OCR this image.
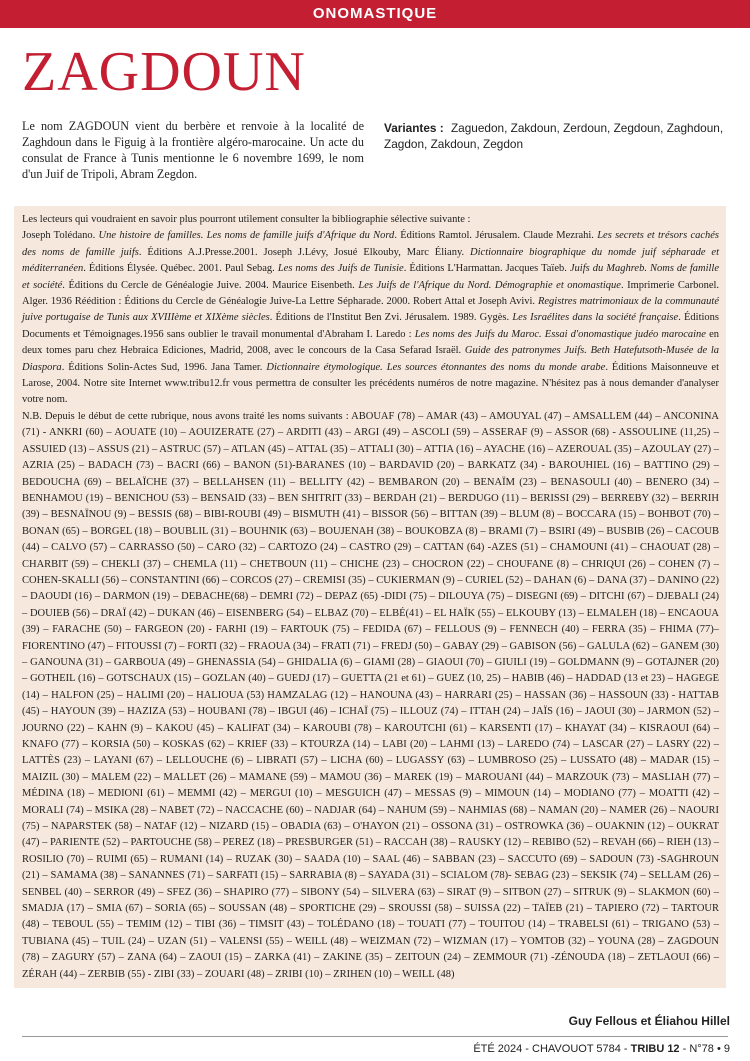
ONOMASTIQUE
ZAGDOUN
Le nom ZAGDOUN vient du berbère et renvoie à la localité de Zaghdoun dans le Figuig à la frontière algéro-marocaine. Un acte du consulat de France à Tunis mentionne le 6 novembre 1699, le nom d'un Juif de Tripoli, Abram Zegdon.
Variantes : Zaguedon, Zakdoun, Zerdoun, Zegdoun, Zaghdoun, Zagdon, Zakdoun, Zegdon

Les lecteurs qui voudraient en savoir plus pourront utilement consulter la bibliographie sélective suivante :

Joseph Tolédano. Une histoire de familles. Les noms de famille juifs d'Afrique du Nord. Éditions Ramtol. Jérusalem. Claude Mezrahi. Les secrets et trésors cachés des noms de famille juifs. Éditions A.J.Presse.2001. Joseph J.Lévy, Josué Elkouby, Marc Éliany. Dictionnaire biographique du nomde juif sépharade et méditerranéen. Éditions Élysée. Québec. 2001. Paul Sebag. Les noms des Juifs de Tunisie. Éditions L'Harmattan. Jacques Taïeb. Juifs du Maghreb. Noms de famille et société. Éditions du Cercle de Généalogie Juive. 2004. Maurice Eisenbeth. Les Juifs de l'Afrique du Nord. Démographie et onomastique. Imprimerie Carbonel. Alger. 1936 Réédition : Éditions du Cercle de Généalogie Juive-La Lettre Sépharade. 2000. Robert Attal et Joseph Avivi. Registres matrimoniaux de la communauté juive portugaise de Tunis aux XVIIIème et XIXème siècles. Éditions de l'Institut Ben Zvi. Jérusalem. 1989. Gygès. Les Israélites dans la société française. Éditions Documents et Témoignages.1956 sans oublier le travail monumental d'Abraham I. Laredo : Les noms des Juifs du Maroc. Essai d'onomastique judéo marocaine en deux tomes paru chez Hebraica Ediciones, Madrid, 2008, avec le concours de la Casa Sefarad Israël. Guide des patronymes Juifs. Beth Hatefutsoth-Musée de la Diaspora. Éditions Solin-Actes Sud, 1996. Jana Tamer. Dictionnaire étymologique. Les sources étonnantes des noms du monde arabe. Éditions Maisonneuve et Larose, 2004. Notre site Internet www.tribu12.fr vous permettra de consulter les précédents numéros de notre magazine. N'hésitez pas à nous demander d'analyser votre nom.

N.B. Depuis le début de cette rubrique, nous avons traité les noms suivants : ABOUAF (78) – AMAR (43) – AMOUYAL (47) – AMSALLEM (44) – ANCONINA (71) - ANKRI (60) – AOUATE (10) – AOUIZERATE (27) – ARDITI (43) – ARGI (49) – ASCOLI (59) – ASSERAF (9) – ASSOR (68) - ASSOULINE (11,25) – ASSUIED (13) – ASSUS (21) – ASTRUC (57) – ATLAN (45) – ATTAL (35) – ATTALI (30) – ATTIA (16) – AYACHE (16) – AZEROUAL (35) – AZOULAY (27) – AZRIA (25) – BADACH (73) – BACRI (66) – BANON (51)-BARANES (10) – BARDAVID (20) – BARKATZ (34) - BAROUHIEL (16) – BATTINO (29) – BEDOUCHA (69) – BELAÏCHE (37) – BELLAHSEN (11) – BELLITY (42) – BEMBARON (20) – BENAÏM (23) – BENASOULI (40) – BENERO (34) – BENHAMOU (19) – BENICHOU (53) – BENSAID (33) – BEN SHITRIT (33) – BERDAH (21) – BERDUGO (11) – BERISSI (29) – BERREBY (32) – BERRIH (39) – BESNAÏNOU (9) – BESSIS (68) – BIBI-ROUBI (49) – BISMUTH (41) – BISSOR (56) – BITTAN (39) – BLUM (8) – BOCCARA (15) – BOHBOT (70) – BONAN (65) – BORGEL (18) – BOUBLIL (31) – BOUHNIK (63) – BOUJENAH (38) – BOUKOBZA (8) – BRAMI (7) – BSIRI (49) – BUSBIB (26) – CACOUB (44) – CALVO (57) – CARRASSO (50) – CARO (32) – CARTOZO (24) – CASTRO (29) – CATTAN (64) -AZES (51) – CHAMOUNI (41) – CHAOUAT (28) – CHARBIT (59) – CHEKLI (37) – CHEMLA (11) – CHETBOUN (11) – CHICHE (23) – CHOCRON (22) – CHOUFANE (8) – CHRIQUI (26) – COHEN (7) – COHEN-SKALLI (56) – CONSTANTINI (66) – CORCOS (27) – CREMISI (35) – CUKIERMAN (9) – CURIEL (52) – DAHAN (6) – DANA (37) – DANINO (22) – DAOUDI (16) – DARMON (19) – DEBACHE(68) – DEMRI (72) – DEPAZ (65) -DIDI (75) – DILOUYA (75) – DISEGNI (69) – DITCHI (67) – DJEBALI (24) – DOUIEB (56) – DRAÏ (42) – DUKAN (46) – EISENBERG (54) – ELBAZ (70) – ELBÉ(41) – EL HAÏK (55) – ELKOUBY (13) – ELMALEH (18) – ENCAOUA (39) – FARACHE (50) – FARGEON (20) - FARHI (19) – FARTOUK (75) – FEDIDA (67) – FELLOUS (9) – FENNECH (40) – FERRA (35) – FHIMA (77)– FIORENTINO (47) – FITOUSSI (7) – FORTI (32) – FRAOUA (34) – FRATI (71) – FREDJ (50) – GABAY (29) – GABISON (56) – GALULA (62) – GANEM (30) – GANOUNA (31) – GARBOUA (49) – GHENASSIA (54) – GHIDALIA (6) – GIAMI (28) – GIAOUI (70) – GIUILI (19) – GOLDMANN (9) – GOTAJNER (20) – GOTHEIL (16) – GOTSCHAUX (15) – GOZLAN (40) – GUEDJ (17) – GUETTA (21 et 61) – GUEZ (10, 25) – HABIB (46) – HADDAD (13 et 23) – HAGEGE (14) – HALFON (25) – HALIMI (20) – HALIOUA (53) HAMZALAG (12) – HANOUNA (43) – HARRARI (25) – HASSAN (36) – HASSOUN (33) - HATTAB (45) – HAYOUN (39) – HAZIZA (53) – HOUBANI (78) – IBGUI (46) – ICHAÏ (75) – ILLOUZ (74) – ITTAH (24) – JAÏS (16) – JAOUI (30) – JARMON (52) – JOURNO (22) – KAHN (9) – KAKOU (45) – KALIFAT (34) – KAROUBI (78) – KAROUTCHI (61) – KARSENTI (17) – KHAYAT (34) – KISRAOUI (64) – KNAFO (77) – KORSIA (50) – KOSKAS (62) – KRIEF (33) – KTOURZA (14) – LABI (20) – LAHMI (13) – LAREDO (74) – LASCAR (27) – LASRY (22) – LATTÈS (23) – LAYANI (67) – LELLOUCHE (6) – LIBRATI (57) – LICHA (60) – LUGASSY (63) – LUMBROSO (25) – LUSSATO (48) – MADAR (15) – MAIZIL (30) – MALEM (22) – MALLET (26) – MAMANE (59) – MAMOU (36) – MAREK (19) – MAROUANI (44) – MARZOUK (73) – MASLIAH (77) – MÉDINA (18) – MEDIONI (61) – MEMMI (42) – MERGUI (10) – MESGUICH (47) – MESSAS (9) – MIMOUN (14) – MODIANO (77) – MOATTI (42) – MORALI (74) – MSIKA (28) – NABET (72) – NACCACHE (60) – NADJAR (64) – NAHUM (59) – NAHMIAS (68) – NAMAN (20) – NAMER (26) – NAOURI (75) – NAPARSTEK (58) – NATAF (12) – NIZARD (15) – OBADIA (63) – O'HAYON (21) – OSSONA (31) – OSTROWKA (36) – OUAKNIN (12) – OUKRAT (47) – PARIENTE (52) – PARTOUCHE (58) – PEREZ (18) – PRESBURGER (51) – RACCAH (38) – RAUSKY (12) – REBIBO (52) – REVAH (66) – RIEH (13) – ROSILIO (70) – RUIMI (65) – RUMANI (14) – RUZAK (30) – SAADA (10) – SAAL (46) – SABBAN (23) – SACCUTO (69) – SADOUN (73) -SAGHROUN (21) – SAMAMA (38) – SANANNES (71) – SARFATI (15) – SARRABIA (8) – SAYADA (31) – SCIALOM (78)- SEBAG (23) – SEKSIK (74) – SELLAM (26) – SENBEL (40) – SERROR (49) – SFEZ (36) – SHAPIRO (77) – SIBONY (54) – SILVERA (63) – SIRAT (9) – SITBON (27) – SITRUK (9) – SLAKMON (60) – SMADJA (17) – SMIA (67) – SORIA (65) – SOUSSAN (48) – SPORTICHE (29) – SROUSSI (58) – SUISSA (22) – TAÏEB (21) – TAPIERO (72) – TARTOUR (48) – TEBOUL (55) – TEMIM (12) – TIBI (36) – TIMSIT (43) – TOLÉDANO (18) – TOUATI (77) – TOUITOU (14) – TRABELSI (61) – TRIGANO (53) – TUBIANA (45) – TUIL (24) – UZAN (51) – VALENSI (55) – WEILL (48) – WEIZMAN (72) – WIZMAN (17) – YOMTOB (32) – YOUNA (28) – ZAGDOUN (78) – ZAGURY (57) – ZANA (64) – ZAOUI (15) – ZARKA (41) – ZAKINE (35) – ZEITOUN (24) – ZEMMOUR (71) -ZÉNOUDA (18) – ZETLAOUI (66) – ZÉRAH (44) – ZERBIB (55) - ZIBI (33) – ZOUARI (48) – ZRIBI (10) – ZRIHEN (10) – WEILL (48)

Guy Fellous et Éliahou Hillel
ÉTÉ 2024 - CHAVOUOT 5784 - TRIBU 12 - N°78 • 9
